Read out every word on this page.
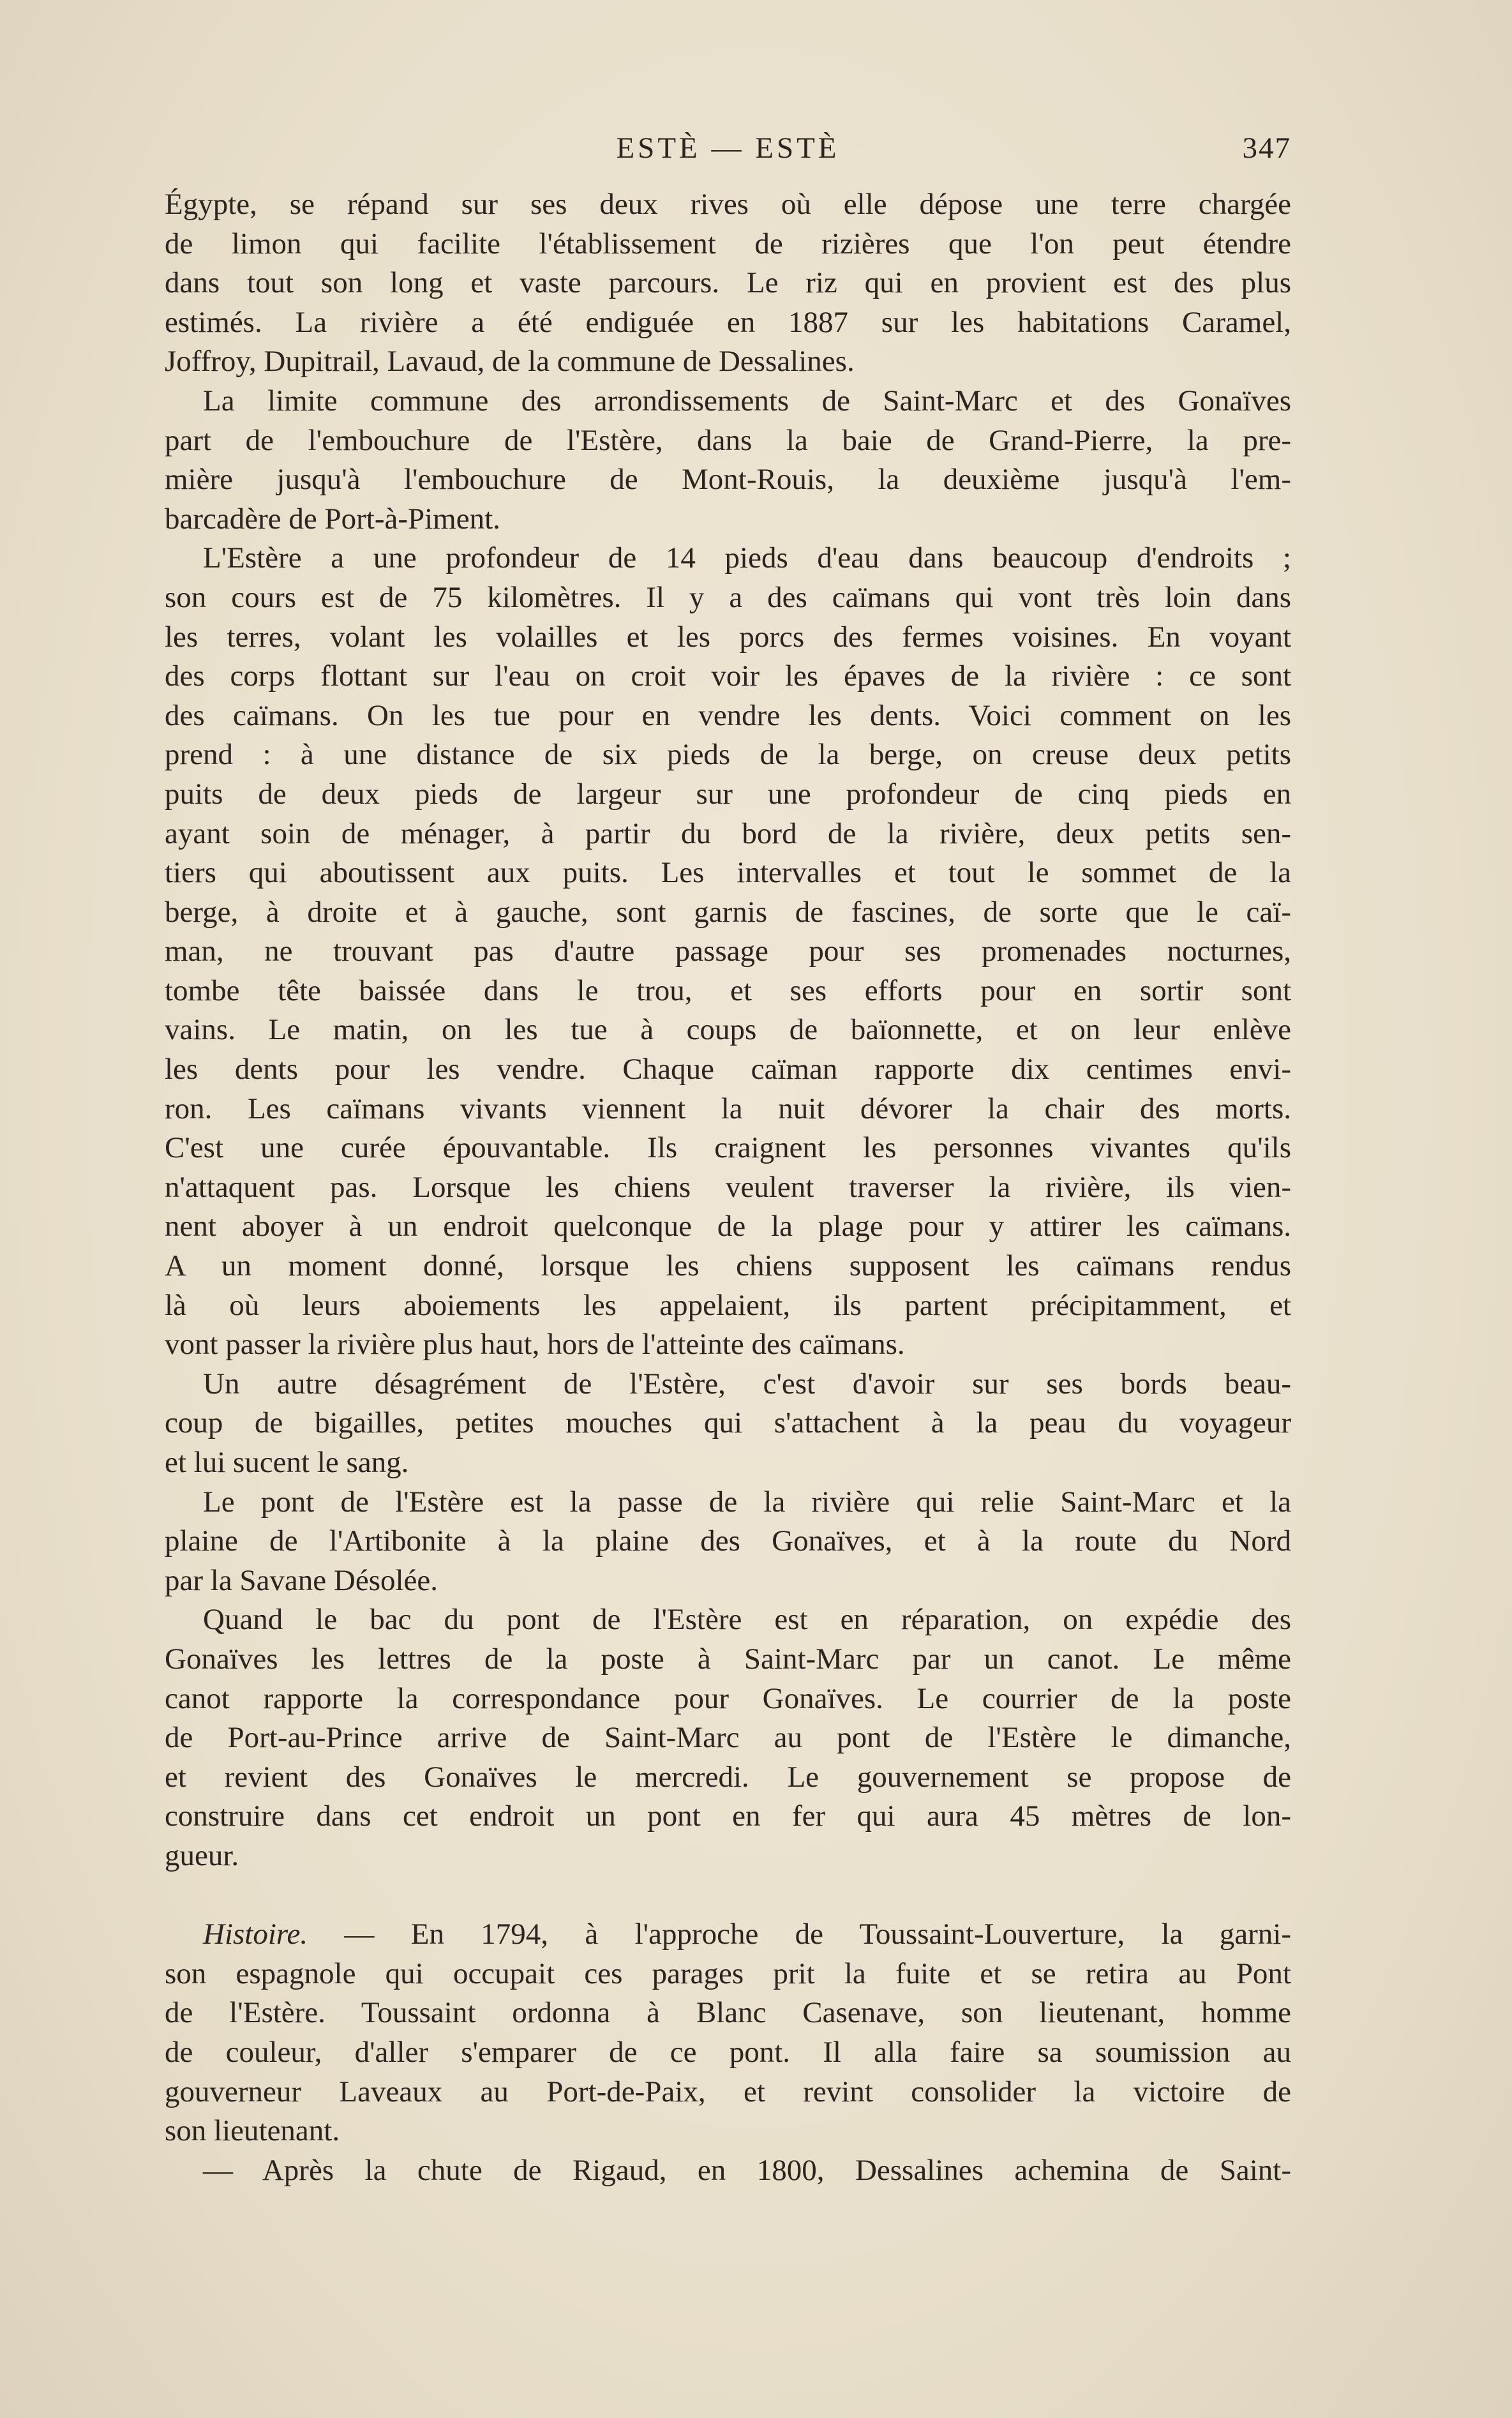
ESTÈ — ESTÈ	347
Égypte, se répand sur ses deux rives où elle dépose une terre chargée
de limon qui facilite l'établissement de rizières que l'on peut étendre
dans tout son long et vaste parcours. Le riz qui en provient est des plus
estimés. La rivière a été endiguée en 1887 sur les habitations Caramel,
Joffroy, Dupitrail, Lavaud, de la commune de Dessalines.
La limite commune des arrondissements de Saint-Marc et des Gonaïves
part de l'embouchure de l'Estère, dans la baie de Grand-Pierre, la pre-
mière jusqu'à l'embouchure de Mont-Rouis, la deuxième jusqu'à l'em-
barcadère de Port-à-Piment.
L'Estère a une profondeur de 14 pieds d'eau dans beaucoup d'endroits ;
son cours est de 75 kilomètres. Il y a des caïmans qui vont très loin dans
les terres, volant les volailles et les porcs des fermes voisines. En voyant
des corps flottant sur l'eau on croit voir les épaves de la rivière : ce sont
des caïmans. On les tue pour en vendre les dents. Voici comment on les
prend : à une distance de six pieds de la berge, on creuse deux petits
puits de deux pieds de largeur sur une profondeur de cinq pieds en
ayant soin de ménager, à partir du bord de la rivière, deux petits sen-
tiers qui aboutissent aux puits. Les intervalles et tout le sommet de la
berge, à droite et à gauche, sont garnis de fascines, de sorte que le caï-
man, ne trouvant pas d'autre passage pour ses promenades nocturnes,
tombe tête baissée dans le trou, et ses efforts pour en sortir sont
vains. Le matin, on les tue à coups de baïonnette, et on leur enlève
les dents pour les vendre. Chaque caïman rapporte dix centimes envi-
ron. Les caïmans vivants viennent la nuit dévorer la chair des morts.
C'est une curée épouvantable. Ils craignent les personnes vivantes qu'ils
n'attaquent pas. Lorsque les chiens veulent traverser la rivière, ils vien-
nent aboyer à un endroit quelconque de la plage pour y attirer les caïmans.
A un moment donné, lorsque les chiens supposent les caïmans rendus
là où leurs aboiements les appelaient, ils partent précipitamment, et
vont passer la rivière plus haut, hors de l'atteinte des caïmans.
Un autre désagrément de l'Estère, c'est d'avoir sur ses bords beau-
coup de bigailles, petites mouches qui s'attachent à la peau du voyageur
et lui sucent le sang.
Le pont de l'Estère est la passe de la rivière qui relie Saint-Marc et la
plaine de l'Artibonite à la plaine des Gonaïves, et à la route du Nord
par la Savane Désolée.
Quand le bac du pont de l'Estère est en réparation, on expédie des
Gonaïves les lettres de la poste à Saint-Marc par un canot. Le même
canot rapporte la correspondance pour Gonaïves. Le courrier de la poste
de Port-au-Prince arrive de Saint-Marc au pont de l'Estère le dimanche,
et revient des Gonaïves le mercredi. Le gouvernement se propose de
construire dans cet endroit un pont en fer qui aura 45 mètres de lon-
gueur.
Histoire. — En 1794, à l'approche de Toussaint-Louverture, la garni-
son espagnole qui occupait ces parages prit la fuite et se retira au Pont
de l'Estère. Toussaint ordonna à Blanc Casenave, son lieutenant, homme
de couleur, d'aller s'emparer de ce pont. Il alla faire sa soumission au
gouverneur Laveaux au Port-de-Paix, et revint consolider la victoire de
son lieutenant.
— Après la chute de Rigaud, en 1800, Dessalines achemina de Saint-
